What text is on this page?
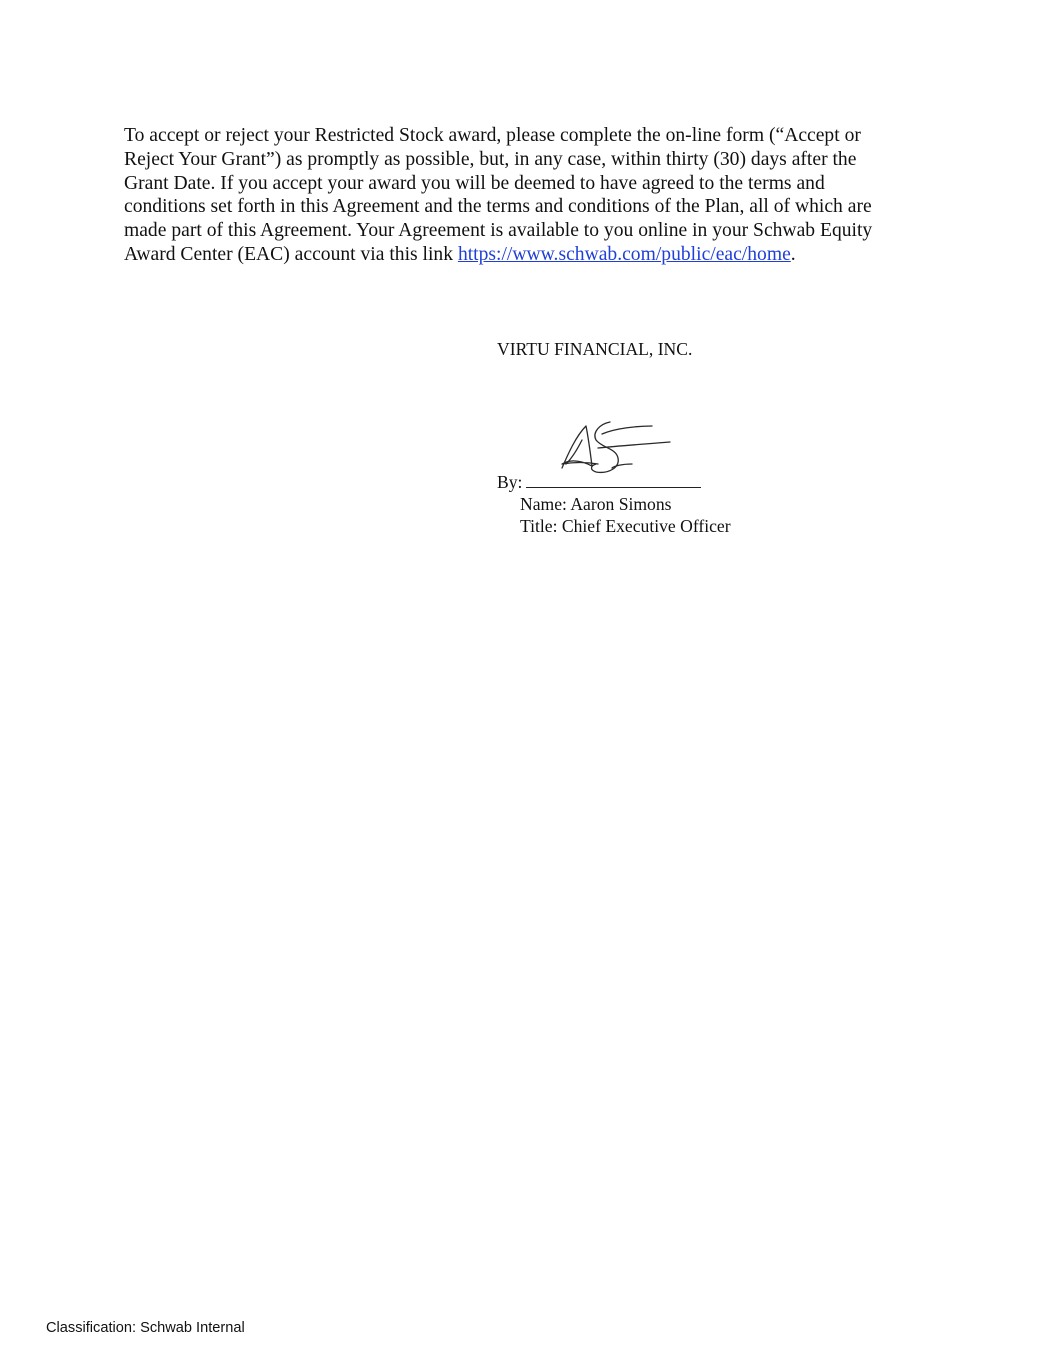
To accept or reject your Restricted Stock award, please complete the on-line form (“Accept or
Reject Your Grant”) as promptly as possible, but, in any case, within thirty (30) days after the
Grant Date. If you accept your award you will be deemed to have agreed to the terms and
conditions set forth in this Agreement and the terms and conditions of the Plan, all of which are
made part of this Agreement. Your Agreement is available to you online in your Schwab Equity
Award Center (EAC) account via this link https://www.schwab.com/public/eac/home.

VIRTU FINANCIAL, INC.
By:
Name: Aaron Simons
Title: Chief Executive Officer
Classification: Schwab Internal
